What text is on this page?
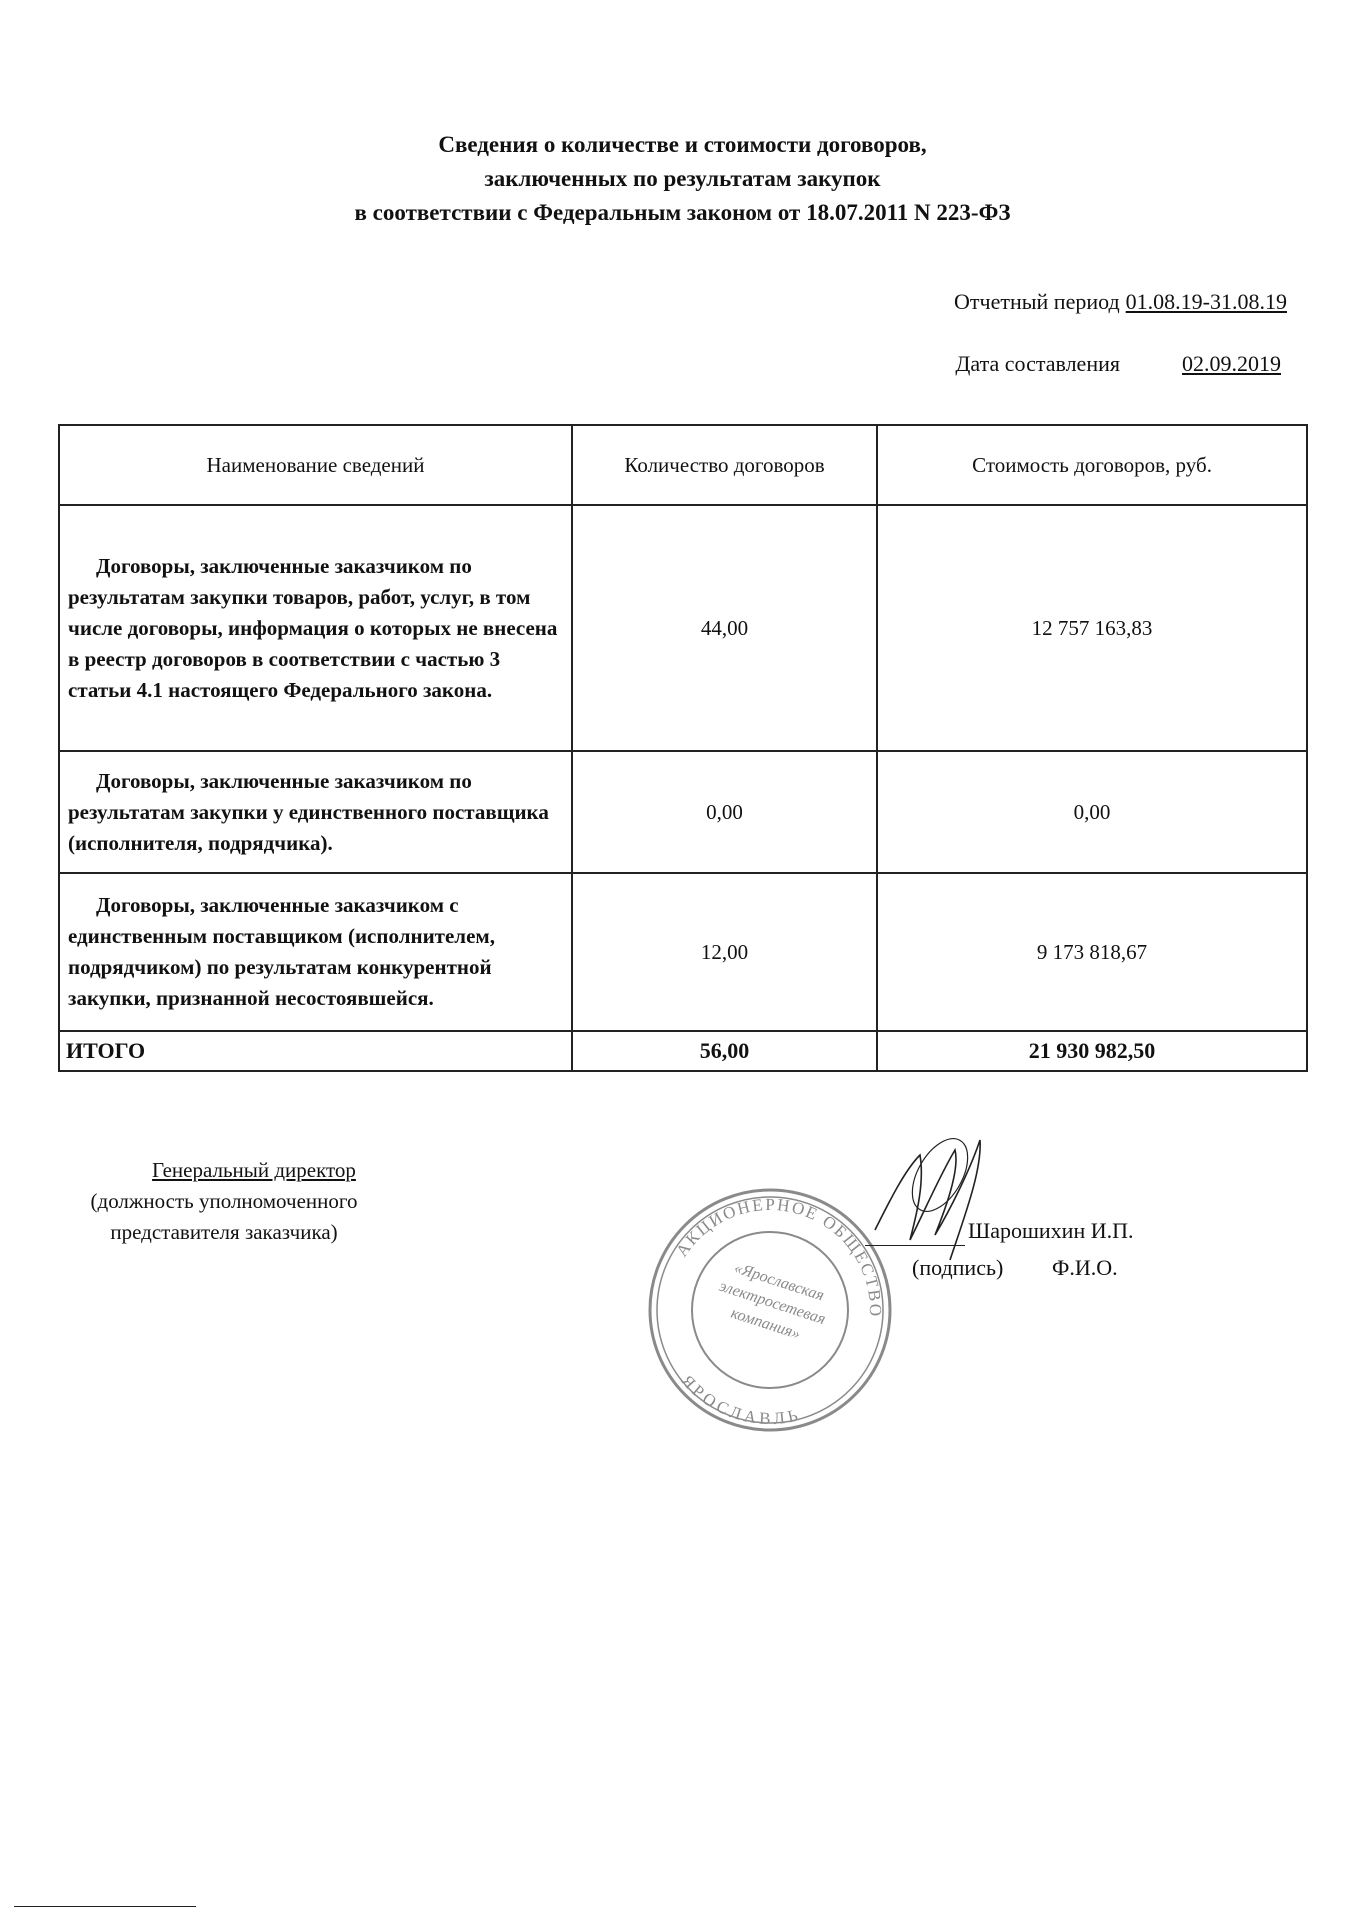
Сведения о количестве и стоимости договоров,
заключенных по результатам закупок
в соответствии с Федеральным законом от 18.07.2011 N 223-ФЗ
Отчетный период 01.08.19-31.08.19
Дата составления	02.09.2019
Наименование сведений	Количество договоров	Стоимость договоров, руб.
Договоры, заключенные заказчиком по результатам закупки товаров, работ, услуг, в том числе договоры, информация о которых не внесена в реестр договоров в соответствии с частью 3 статьи 4.1 настоящего Федерального закона.	44,00	12 757 163,83
Договоры, заключенные заказчиком по результатам закупки у единственного поставщика (исполнителя, подрядчика).	0,00	0,00
Договоры, заключенные заказчиком с единственным поставщиком (исполнителем, подрядчиком) по результатам конкурентной закупки, признанной несостоявшейся.	12,00	9 173 818,67
ИТОГО	56,00	21 930 982,50
Генеральный директор
(должность уполномоченного
представителя заказчика)
АКЦИОНЕРНОЕ ОБЩЕСТВО
ЯРОСЛАВЛЬ
«Ярославская электросетевая компания»
Шарошихин И.П.
(подпись) Ф.И.О.
